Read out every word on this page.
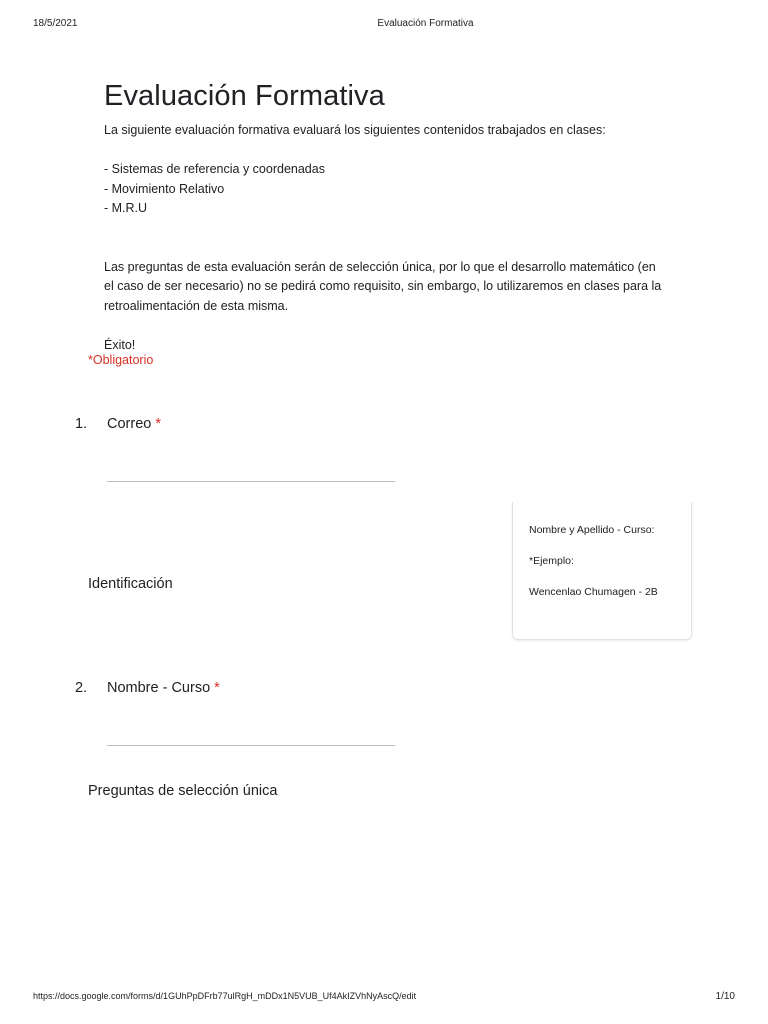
18/5/2021	Evaluación Formativa
Evaluación Formativa

La siguiente evaluación formativa evaluará los siguientes contenidos trabajados en clases:

- Sistemas de referencia y coordenadas

- Movimiento Relativo

- M.R.U

Las preguntas de esta evaluación serán de selección única, por lo que el desarrollo matemático (en el caso de ser necesario) no se pedirá como requisito, sin embargo, lo utilizaremos en clases para la retroalimentación de esta misma.

Éxito!

*Obligatorio
1. Correo *
Identificación
Nombre y Apellido - Curso:
*Ejemplo:
Wencenlao Chumagen - 2B
2. Nombre - Curso *
Preguntas de selección única
https://docs.google.com/forms/d/1GUhPpDFrb77ulRgH_mDDx1N5VUB_Uf4AkIZVhNyAscQ/edit	1/10
